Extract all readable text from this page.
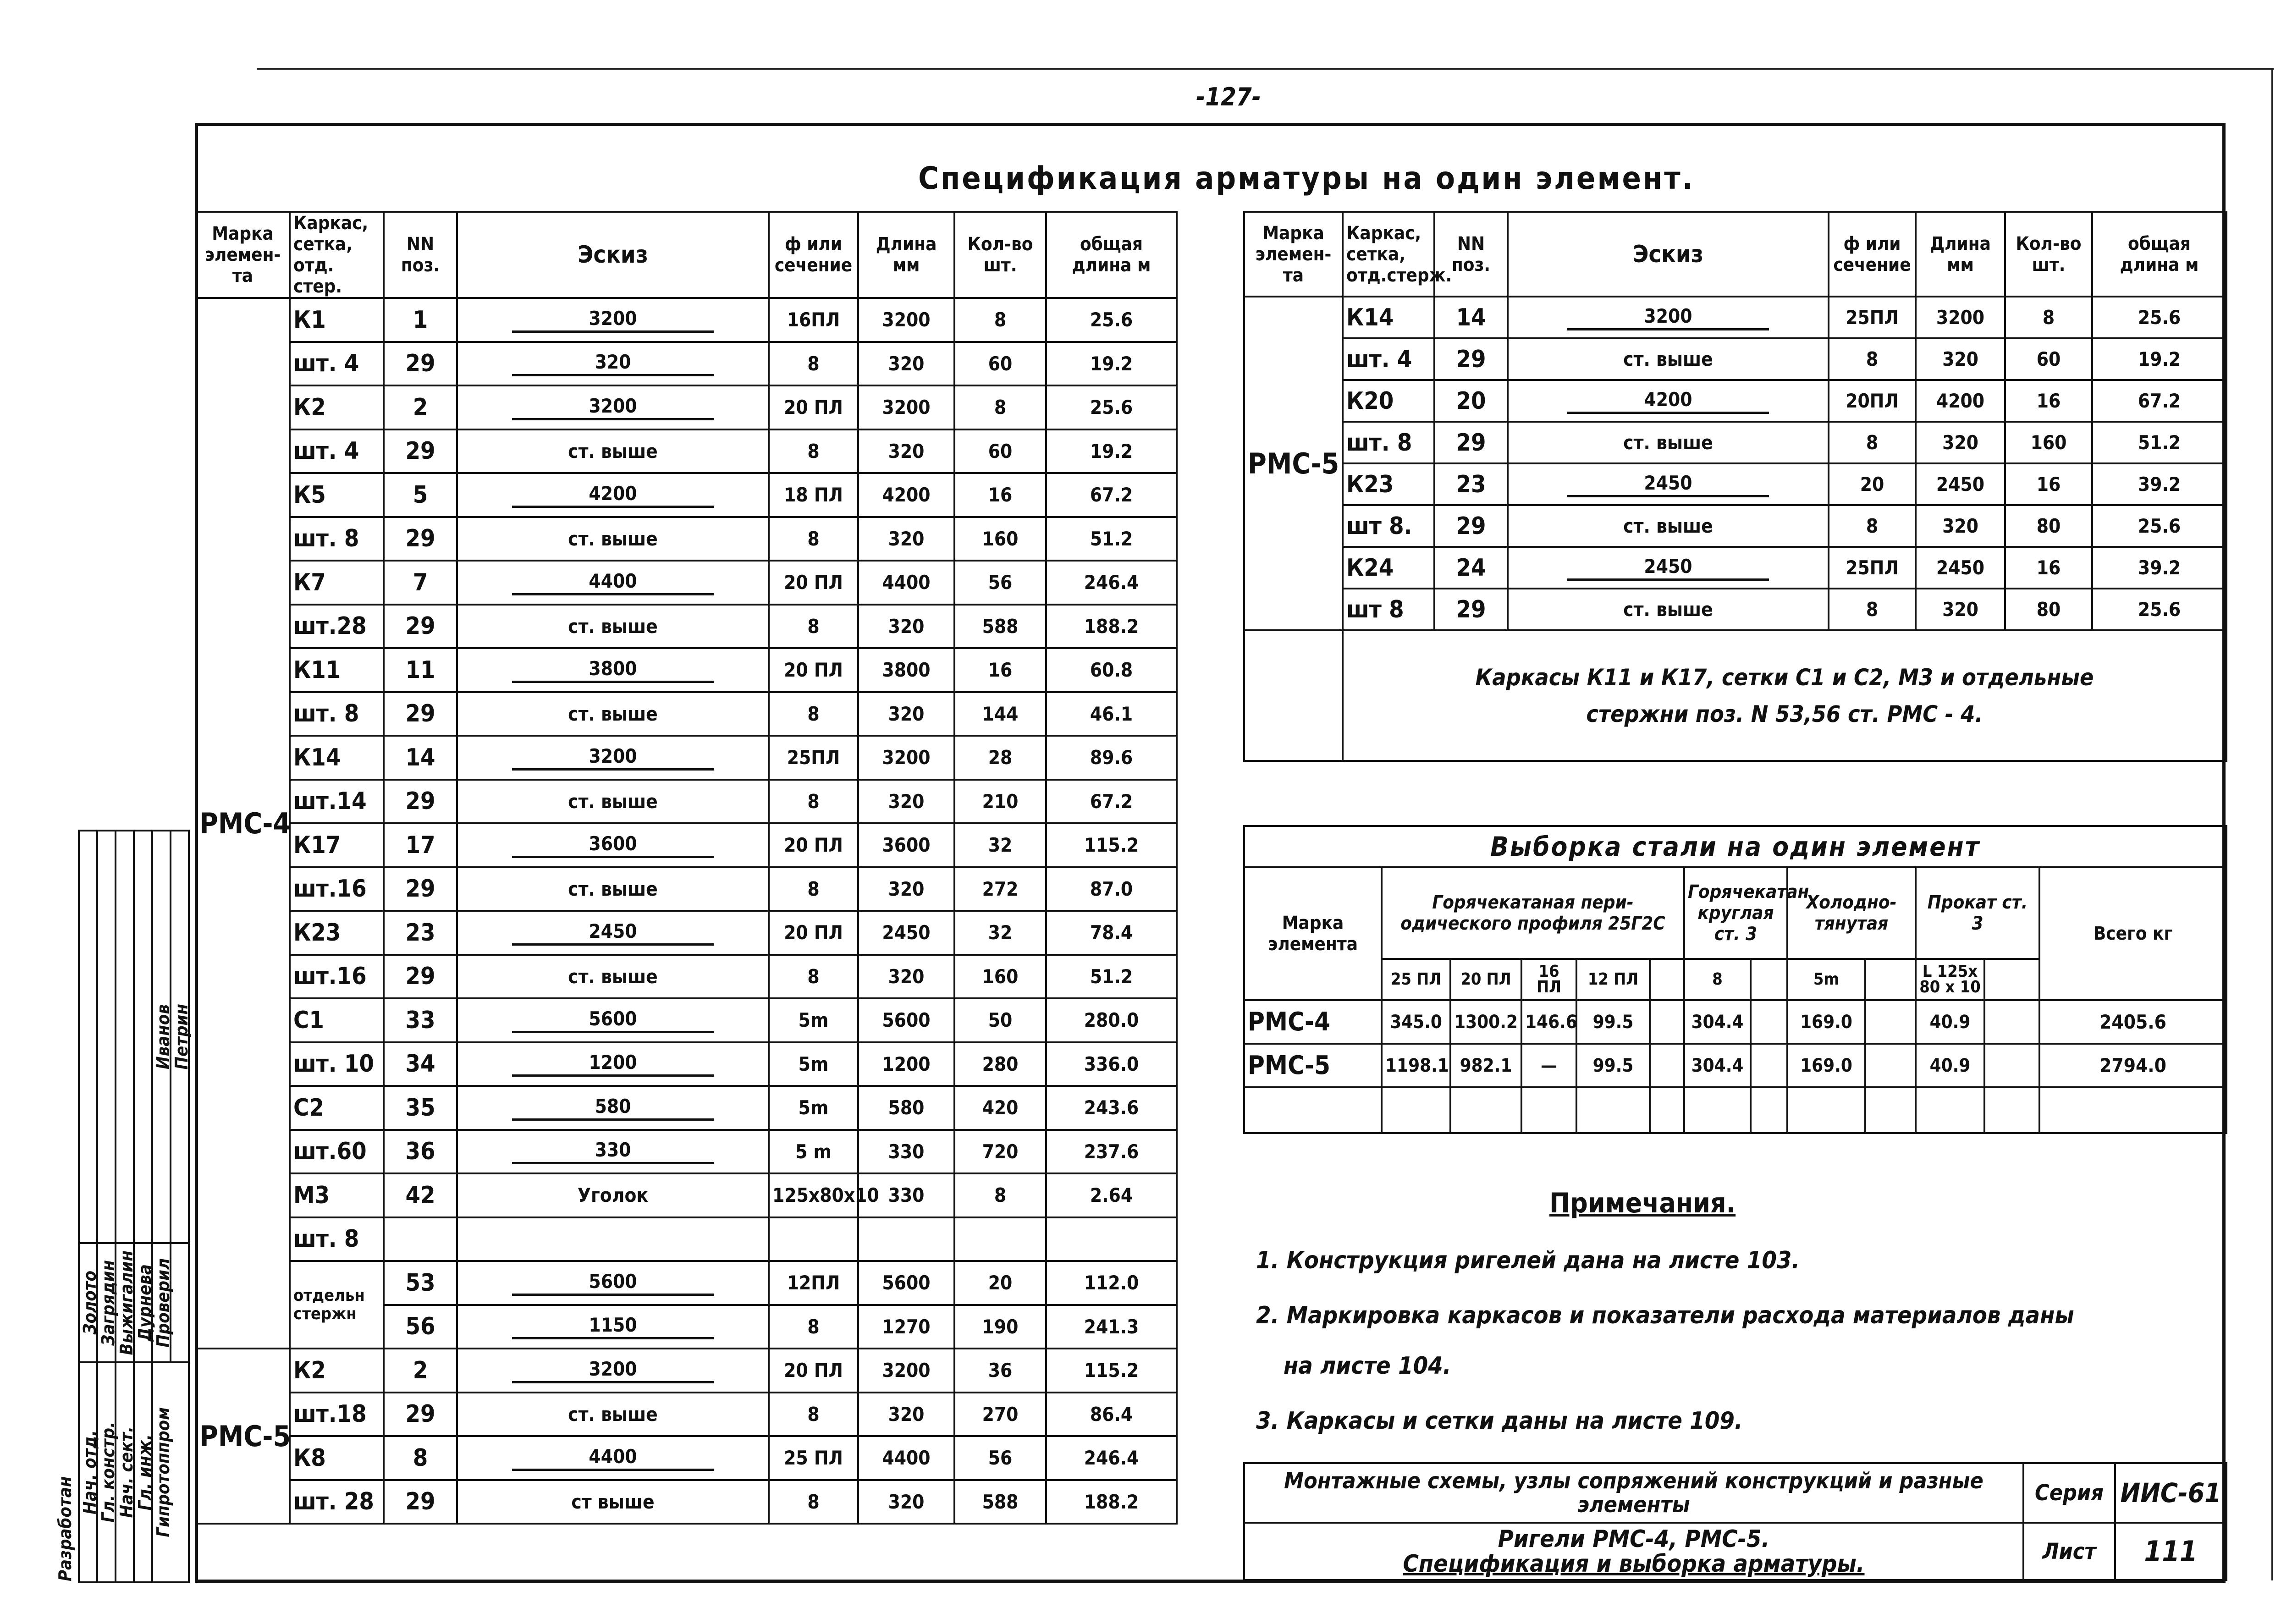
-127-
Спецификация арматуры на один элемент.
Марка элемен- та	Каркас, сетка, отд. стер.	NN поз.	Эскиз	ф или сечение	Длина мм	Кол-во шт.	общая длина м
РМС-4	К1	1	3200	16ПЛ	3200	8	25.6
	шт. 4	29	320	8	320	60	19.2
	К2	2	3200	20 ПЛ	3200	8	25.6
	шт. 4	29	ст. выше	8	320	60	19.2
	К5	5	4200	18 ПЛ	4200	16	67.2
	шт. 8	29	ст. выше	8	320	160	51.2
	К7	7	4400	20 ПЛ	4400	56	246.4
	шт.28	29	ст. выше	8	320	588	188.2
	К11	11	3800	20 ПЛ	3800	16	60.8
	шт. 8	29	ст. выше	8	320	144	46.1
	К14	14	3200	25ПЛ	3200	28	89.6
	шт.14	29	ст. выше	8	320	210	67.2
	К17	17	3600	20 ПЛ	3600	32	115.2
	шт.16	29	ст. выше	8	320	272	87.0
	К23	23	2450	20 ПЛ	2450	32	78.4
	шт.16	29	ст. выше	8	320	160	51.2
	С1	33	5600	5m	5600	50	280.0
	шт. 10	34	1200	5m	1200	280	336.0
	С2	35	580	5m	580	420	243.6
	шт.60	36	330	5 m	330	720	237.6
	М3	42	Уголок	125х80х10	330	8	2.64
	шт. 8						
	отдельн стержн	53	5600	12ПЛ	5600	20	112.0
		56	1150	8	1270	190	241.3
РМС-5	К2	2	3200	20 ПЛ	3200	36	115.2
	шт.18	29	ст. выше	8	320	270	86.4
	К8	8	4400	25 ПЛ	4400	56	246.4
	шт. 28	29	ст выше	8	320	588	188.2
Марка элемен- та	Каркас, сетка, отд.стерж.	NN поз.	Эскиз	ф или сечение	Длина мм	Кол-во шт.	общая длина м
РМС-5	К14	14	3200	25ПЛ	3200	8	25.6
	шт. 4	29	ст. выше	8	320	60	19.2
	К20	20	4200	20ПЛ	4200	16	67.2
	шт. 8	29	ст. выше	8	320	160	51.2
	К23	23	2450	20	2450	16	39.2
	шт 8.	29	ст. выше	8	320	80	25.6
	К24	24	2450	25ПЛ	2450	16	39.2
	шт 8	29	ст. выше	8	320	80	25.6

	Каркасы К11 и К17, сетки С1 и С2, М3 и отдельные
стержни поз. N 53,56 ст. РМС - 4.						
Выборка стали на один элемент												
Марка элемента	Горячекатаная пери- одического профиля 25Г2С					Горячекатан круглая ст. 3		Холодно- тянутая		Прокат ст. 3		Всего кг
	25 ПЛ	20 ПЛ	16 ПЛ	12 ПЛ		8		5m		L 125х 80 х 10		
РМС-4	345.0	1300.2	146.6	99.5		304.4		169.0		40.9		2405.6
РМС-5	1198.1	982.1	—	99.5		304.4		169.0		40.9		2794.0

Примечания.
1. Конструкция ригелей дана на листе 103.
2. Маркировка каркасов и показатели расхода материалов даны
на листе 104.
3. Каркасы и сетки даны на листе 109.
Монтажные схемы, узлы сопряжений конструкций и разные элементы	Серия	ИИС-61

Ригели РМС-4, РМС-5.
Спецификация и выборка арматуры.	Лист	111

				Иванов	Петрин

Золото	Загрядин	Выжигалин	Дурнева	Проверил	

Нач. отд.	Гл. констр.	Нач. сект.	Гл. инж.	Гипротоппром	
Разработан
